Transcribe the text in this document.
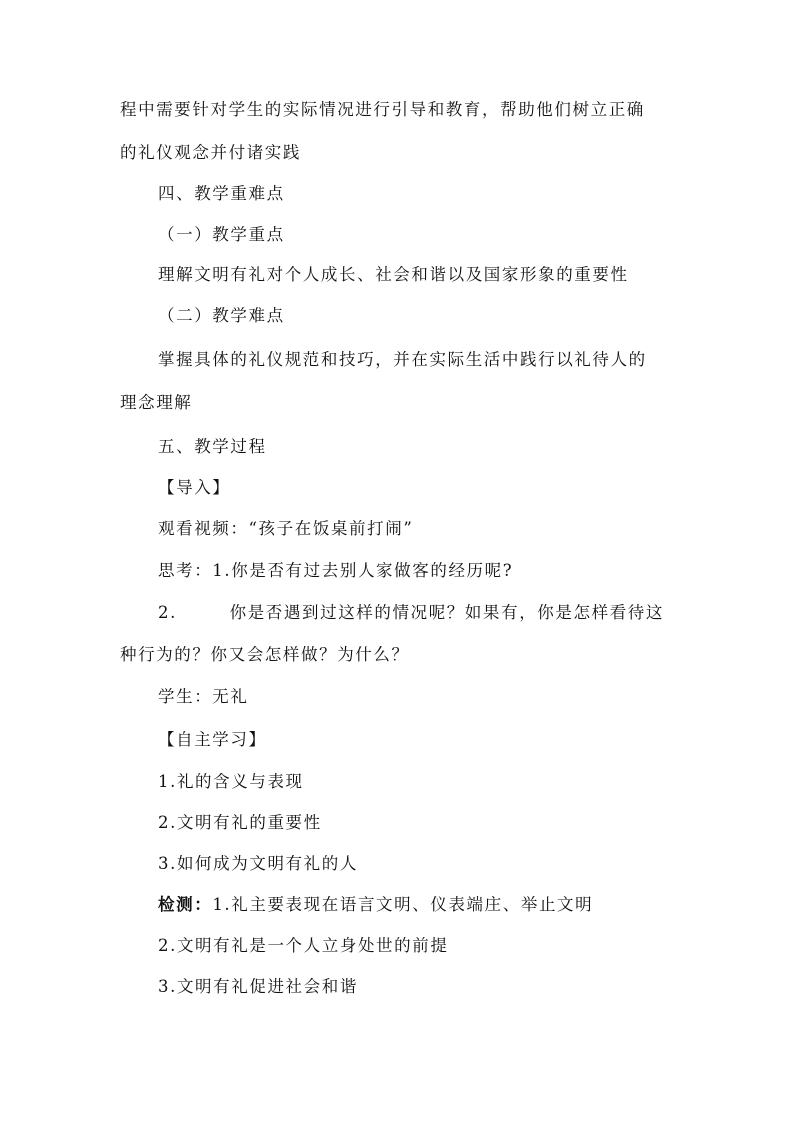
程中需要针对学生的实际情况进行引导和教育，帮助他们树立正确
的礼仪观念并付诸实践
四、教学重难点
（一）教学重点
理解文明有礼对个人成长、社会和谐以及国家形象的重要性
（二）教学难点
掌握具体的礼仪规范和技巧，并在实际生活中践行以礼待人的
理念理解
五、教学过程
【导入】
观看视频：“孩子在饭桌前打闹”
思考：1.你是否有过去别人家做客的经历呢?
2.	你是否遇到过这样的情况呢？如果有，你是怎样看待这
种行为的？你又会怎样做？为什么？
学生：无礼
【自主学习】
1.礼的含义与表现
2.文明有礼的重要性
3.如何成为文明有礼的人
检测：1.礼主要表现在语言文明、仪表端庄、举止文明
2.文明有礼是一个人立身处世的前提
3.文明有礼促进社会和谐
